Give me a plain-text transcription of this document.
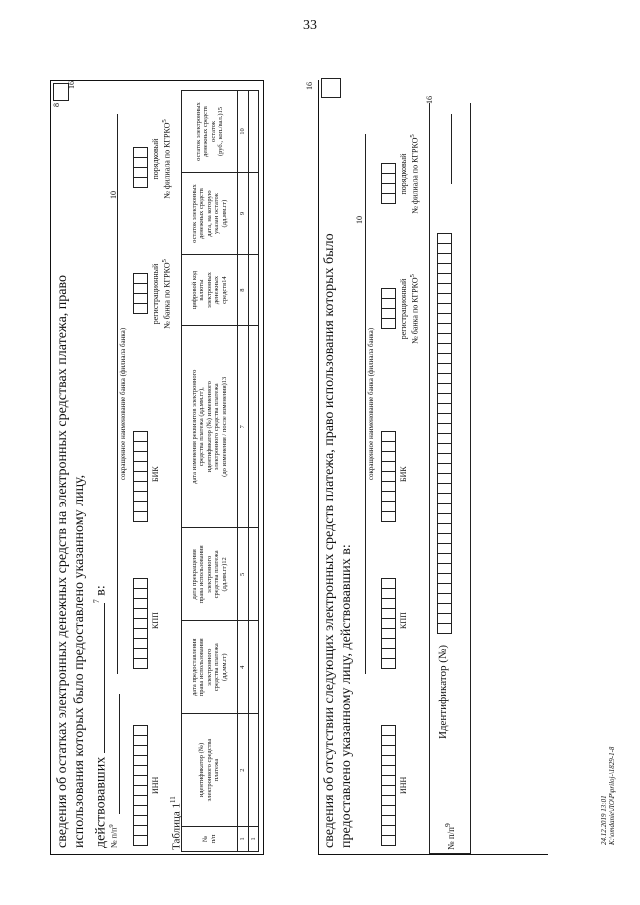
33
сведения об остатках электронных денежных средств на электронных средствах платежа, право использования которых было предоставлено указанному лицу, действовавших $^7$ в:
8
16
№ $п/п^9$
10
сокращенное наименование банка (филиала банка)
ИНН
КПП
БИК
регистрационный
№ банка по КГРКО$^5$
порядковый
№ филиала по КГРКО$^5$
Таблица $1^{11}$
№
п/п	идентификатор (№)
электронного средства
платежа	дата предоставления
права использования
электронного
средства платежа
(дд.мм.гг)	дата прекращения
права использования
электронного
средства платежа
(дд.мм.гг)12	дата изменения реквизитов электронного
средства платежа (дд.мм.гг),
идентификатор (№) измененного
электронного средства платежа
(до изменения / после изменения)13	цифровой код
валюты
электронных
денежных
средств14	остаток электронных
денежных средств
дата, на которую
указан остаток
(дд.мм.гг)	остаток электронных
денежных средств
остаток
(руб., коп./вал.)15
1	2	4	5	7	8	9	10
1								сведения об отсутствии следующих электронных средств платежа, право использования которых было предоставлено указанному лицу, действовавших в:
16
10
сокращенное наименование банка (филиала банка)
ИНН
КПП
БИК
регистрационный
№ банка по КГРКО$^5$
порядковый
№ филиала по КГРКО$^5$
№ $п/п^9$
Идентификатор (№)
16
24.12.2019 13:01 К:\omdanie\ЛО\Р\priloj-\1829-1-8
